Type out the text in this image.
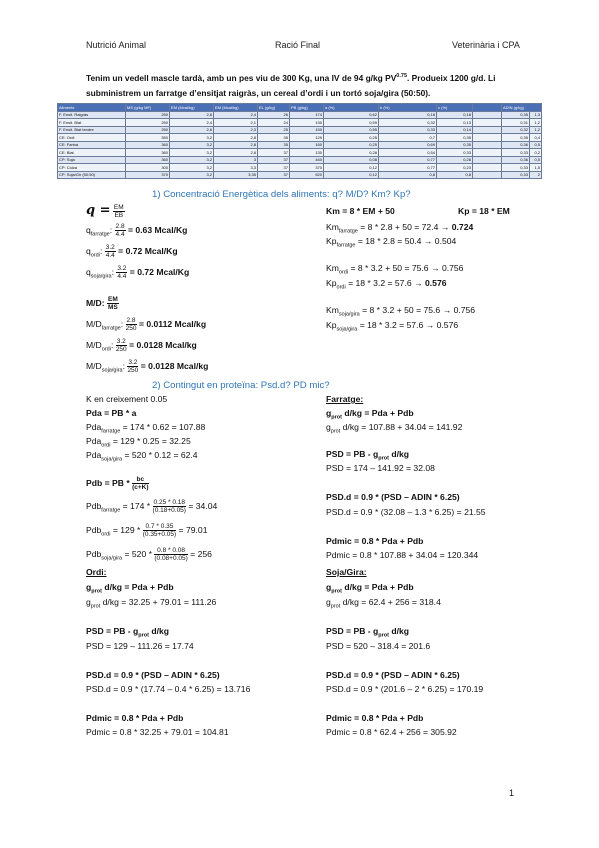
Nutrició Animal	Ració Final	Veterinària i CPA
Tenim un vedell mascle tardà, amb un pes viu de 300 Kg, una IV de 94 g/kg $PV^{0.75}$. Produeix 1200 g/d. Li
subministrem un farratge d’ensitjat raigràs, un cereal d’ordi i un tortó soja/gira (50:50).
Aliments	MS (g/kg MF)	EM (Mcal/kg)	EM (Mcal/kg)	EL (g/kg)	PB (g/kg)	a (%)	b (%)	c (%)		ADIN (g/kg)	
F. Ensit. Raigràs	250	2,8	2,4	26	174	0,62	0,18	0,18		0,35	1,3
F. Ensit. Blat	250	2,4	2,1	24	130	0,59	0,32	0,13		0,31	1,2
F. Ensit. Blat tendre	250	2,6	2,3	25	150	0,55	0,33	0,14		0,32	1,2
CE: Ordi	350	3,2	2,8	35	129	0,25	0,7	0,35		0,35	0,4
CE: Farina	360	3,2	2,8	35	160	0,25	0,69	0,35		0,36	0,5
CE: Blat	360	3,2	2,8	37	130	0,28	0,54	0,33		0,33	0,2
CP: Soja	360	3,2	3	37	440	0,08	0,77	0,26		0,36	0,5
CP: Colza	300	3,2	3,3	37	370	0,12	0,77	0,23		0,33	1,5
CP: Soja/Gir (50:50)	370	3,2	3,35	37	520	0,12	0,8	0,8		0,33	2
1) Concentració Energètica dels aliments: q? M/D? Km? Kp?
$q = \frac{EM}{EB}$
$q_{farratge}$: $\frac{2.8}{4.4} = 0.63$ Mcal/Kg
$q_{ordi}$: $\frac{3.2}{4.4} = 0.72$ Mcal/Kg
$q_{soja/gira}$: $\frac{3.2}{4.4} = 0.72$ Mcal/Kg
M/D: $\frac{EM}{MS}$
$M/D_{farratge}$: $\frac{2.8}{250} = 0.0112$ Mcal/kg
$M/D_{ordi}$: $\frac{3.2}{250} = 0.0128$ Mcal/kg
$M/D_{soja/gira}$: $\frac{3.2}{250} = 0.0128$ Mcal/kg
Km = 8 * EM + 50	Kp = 18 * EM
$Km_{farratge} = 8 * 2.8 + 50 = 72.4 \to 0.724$
$Kp_{farratge} = 18 * 2.8 = 50.4 \to 0.504$
$Km_{ordi} = 8 * 3.2 + 50 = 75.6 \to 0.756$
$Kp_{ordi} = 18 * 3.2 = 57.6 \to 0.576$
$Km_{soja/gira} = 8 * 3.2 + 50 = 75.6 \to 0.756$
$Kp_{soja/gira} = 18 * 3.2 = 57.6 \to 0.576$
2) Contingut en proteïna: Psd.d? PD mic?
K en creixement 0.05
Pda = PB * a
Pda$_{farratge}$ = 174 * 0.62 = 107.88
Pda$_{ordi}$ = 129 * 0.25 = 32.25
Pda$_{soja/gira}$ = 520 * 0.12 = 62.4
Pdb = PB * $\frac{bc}{(c+K)}$
$Pdb_{farratge} = 174 * \frac{0.25 * 0.18}{(0.18+0.05)} = 34.04$
$Pdb_{ordi} = 129 * \frac{0.7 * 0.35}{(0.35+0.05)} = 79.01$
$Pdb_{soja/gira} = 520 * \frac{0.8 * 0.08}{(0.08+0.05)} = 256$
Farratge:
$g_{prot}$ d/kg = Pda + Pdb
$g_{prot}$ d/kg = 107.88 + 34.04 = 141.92
PSD = PB - $g_{prot}$ d/kg
PSD = 174 – 141.92 = 32.08
PSD.d = 0.9 * (PSD – ADIN * 6.25)
PSD.d = 0.9 * (32.08 – 1.3 * 6.25) = 21.55
Pdmic = 0.8 * Pda + Pdb
Pdmic = 0.8 * 107.88 + 34.04 = 120.344
Ordi:
$g_{prot}$ d/kg = Pda + Pdb
$g_{prot}$ d/kg = 32.25 + 79.01 = 111.26
PSD = PB - $g_{prot}$ d/kg
PSD = 129 – 111.26 = 17.74
PSD.d = 0.9 * (PSD – ADIN * 6.25)
PSD.d = 0.9 * (17.74 – 0.4 * 6.25) = 13.716
Pdmic = 0.8 * Pda + Pdb
Pdmic = 0.8 * 32.25 + 79.01 = 104.81
Soja/Gira:
$g_{prot}$ d/kg = Pda + Pdb
$g_{prot}$ d/kg = 62.4 + 256 = 318.4
PSD = PB - $g_{prot}$ d/kg
PSD = 520 – 318.4 = 201.6
PSD.d = 0.9 * (PSD – ADIN * 6.25)
PSD.d = 0.9 * (201.6 – 2 * 6.25) = 170.19
Pdmic = 0.8 * Pda + Pdb
Pdmic = 0.8 * 62.4 + 256 = 305.92
1
